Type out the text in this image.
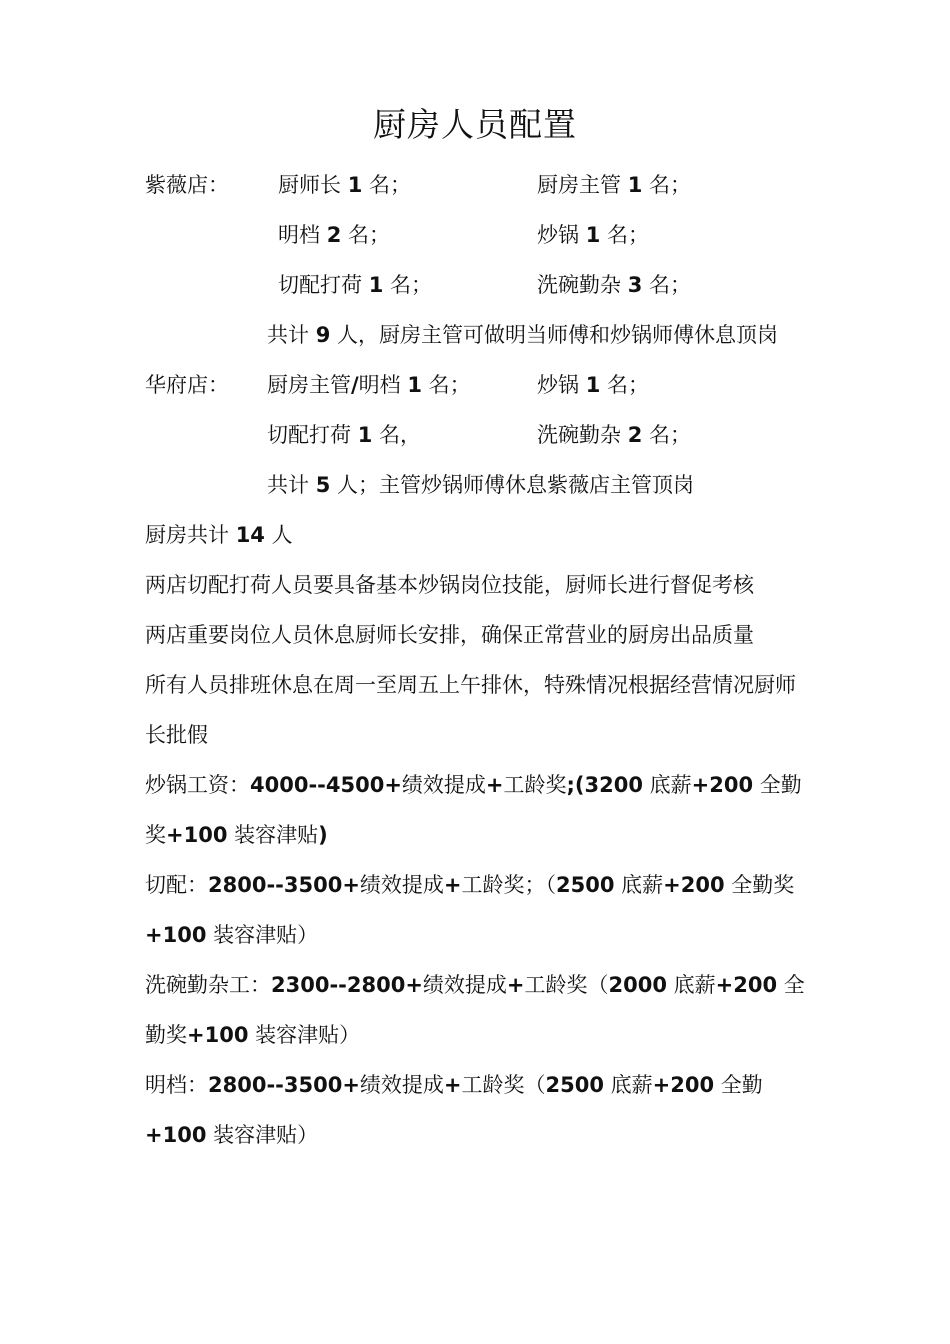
厨房人员配置
紫薇店： 厨师长 1 名；	厨房主管 1 名；
明档 2 名；	炒锅 1 名；
切配打荷 1 名；	洗碗勤杂 3 名；
共计 9 人，厨房主管可做明当师傅和炒锅师傅休息顶岗
华府店： 厨房主管/明档 1 名；	炒锅 1 名；
切配打荷 1 名，	洗碗勤杂 2 名；
共计 5 人；主管炒锅师傅休息紫薇店主管顶岗
厨房共计 14 人
两店切配打荷人员要具备基本炒锅岗位技能，厨师长进行督促考核
两店重要岗位人员休息厨师长安排，确保正常营业的厨房出品质量
所有人员排班休息在周一至周五上午排休，特殊情况根据经营情况厨师长批假
炒锅工资：4000--4500+绩效提成+工龄奖;(3200 底薪+200 全勤奖+100 装容津贴)
切配：2800--3500+绩效提成+工龄奖；（2500 底薪+200 全勤奖+100 装容津贴）
洗碗勤杂工：2300--2800+绩效提成+工龄奖（2000 底薪+200 全勤奖+100 装容津贴）
明档：2800--3500+绩效提成+工龄奖（2500 底薪+200 全勤+100 装容津贴）
